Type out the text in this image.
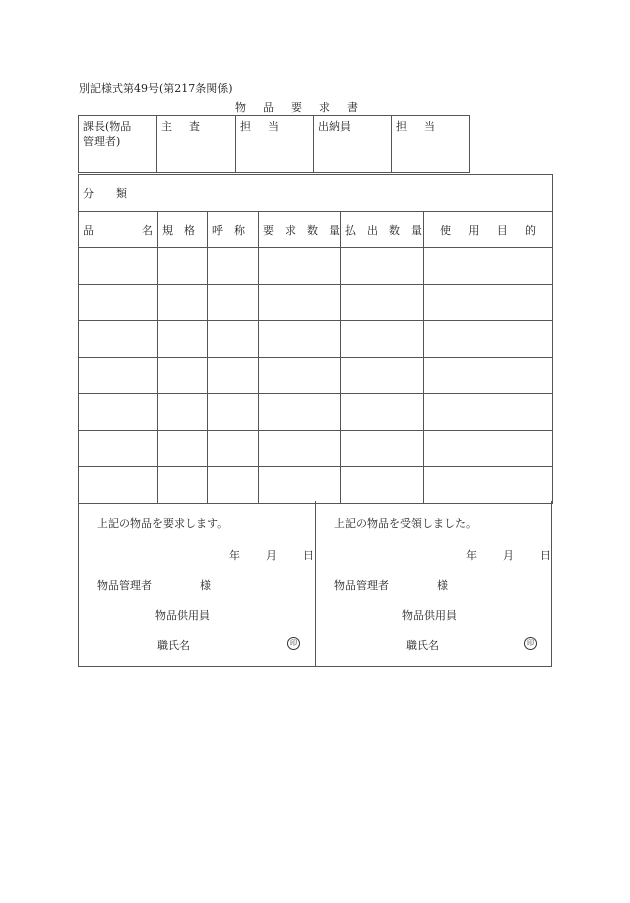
別記様式第49号(第217条関係)
物品要求書
課長(物品
管理者)

主　査	担　当	出納員	担　当
分　　類					

品 名	規　格	呼　称	要　求　数　量	払　出　数　量	使 用 目 的

上記の物品を要求します。
年 月 日
物品管理者	様
物品供用員
職氏名	印
上記の物品を受領しました。
年 月 日
物品管理者	様
物品供用員
職氏名	印
